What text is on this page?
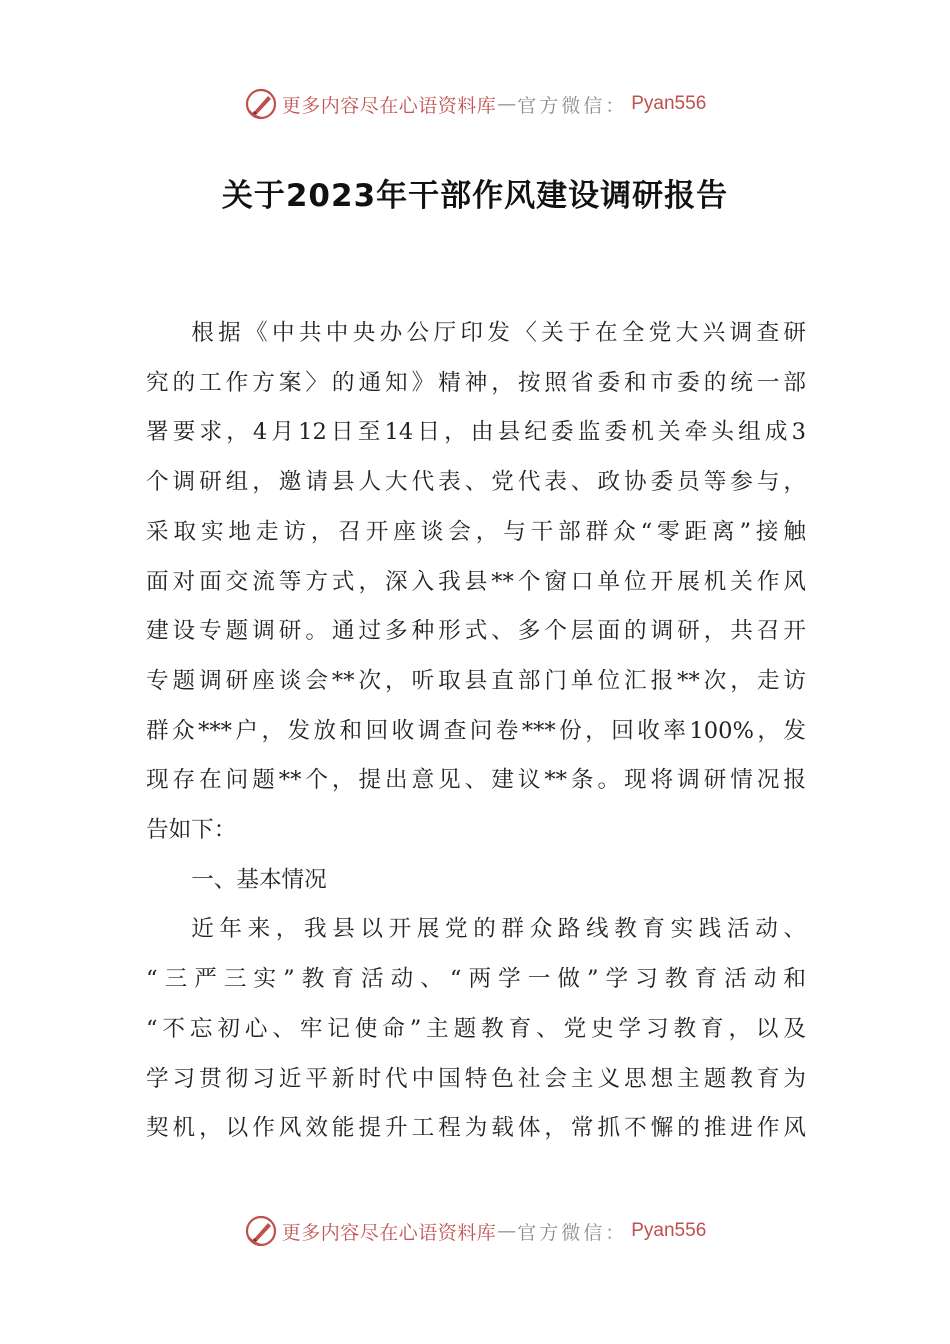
更多内容尽在心语资料库 — 官方微信： Pyan556
关于2023年干部作风建设调研报告
根据《中共中央办公厅印发〈关于在全党大兴调查研
究的工作方案〉的通知》精神，按照省委和市委的统一部
署要求，4月12日至14日，由县纪委监委机关牵头组成3
个调研组，邀请县人大代表、党代表、政协委员等参与，
采取实地走访，召开座谈会，与干部群众“零距离”接触
面对面交流等方式，深入我县**个窗口单位开展机关作风
建设专题调研。通过多种形式、多个层面的调研，共召开
专题调研座谈会**次，听取县直部门单位汇报**次，走访
群众***户，发放和回收调查问卷***份，回收率100%，发
现存在问题**个，提出意见、建议**条。现将调研情况报
告如下：
一、基本情况
近年来，我县以开展党的群众路线教育实践活动、
“三严三实”教育活动、“两学一做”学习教育活动和
“不忘初心、牢记使命”主题教育、党史学习教育，以及
学习贯彻习近平新时代中国特色社会主义思想主题教育为
契机，以作风效能提升工程为载体，常抓不懈的推进作风
更多内容尽在心语资料库 — 官方微信： Pyan556
